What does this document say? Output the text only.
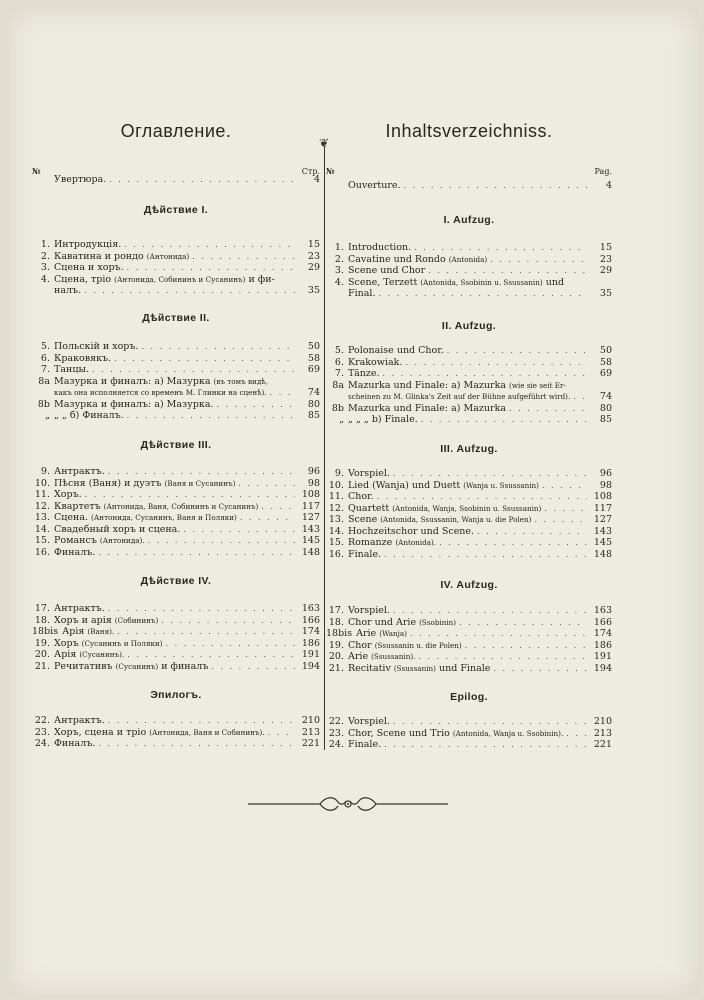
Оглавление.
№	Стр.
Увертюра. . . .	4
Дѣйствие I.
1. Интродукція. . . .	15
2. Каватина и рондо (Антонида) . . .	23
3. Сцена и хоръ. . . .	29
4. Сцена, тріо (Антонида, Собининъ и Сусанинъ) и фи-
налъ. . . .	35
Дѣйствие II.
5. Польскій и хоръ. . . .	50
6. Краковякъ. . . .	58
7. Танцы. . . .	69
8a Мазурка и финалъ: а) Мазурка (въ томъ видѣ,
какъ она исполняется со временъ М. Глинки на сценѣ). . . .	74
8b Мазурка и финалъ: а) Мазурка. . . .	80
„ „ „ б) Финалъ. . . .	85
Дѣйствие III.
9. Антрактъ. . . .	96
10. Пѣсня (Ваня) и дуэтъ (Ваня и Сусанинъ) . . .	98
11. Хоръ. . . .	108
12. Квартетъ (Антонида, Ваня, Собининъ и Сусанинъ) . . .	117
13. Сцена. (Антонида, Сусанинъ, Ваня и Поляки) . . .	127
14. Свадебный хоръ и сцена. . . .	143
15. Романсъ (Антонида). . . .	145
16. Финалъ. . . .	148
Дѣйствие IV.
17. Антрактъ. . . .	163
18. Хоръ и арія (Собининъ) . . .	166
18bis Арія (Ваня). . . .	174
19. Хоръ (Сусанинъ и Поляки) . . .	186
20. Арія (Сусанинъ). . . .	191
21. Речитативъ (Сусанинъ) и финалъ . . .	194
Эпилогъ.
22. Антрактъ. . . .	210
23. Хоръ, сцена и тріо (Антонида, Ваня и Собининъ). . . .	213
24. Финалъ. . . .	221
❦
Inhaltsverzeichniss.
№	Pag.
Ouverture. . . .	4
I. Aufzug.
1. Introduction. . . .	15
2. Cavatine und Rondo (Antonida) . . .	23
3. Scene und Chor . . .	29
4. Scene, Terzett (Antonida, Ssobinin u. Ssussanin) und
Final. . . .	35
II. Aufzug.
5. Polonaise und Chor. . . .	50
6. Krakowiak. . . .	58
7. Tänze. . . .	69
8a Mazurka und Finale: a) Mazurka (wie sie seit Er-
scheinen zu M. Glinka's Zeit auf der Bühne aufgeführt wird). . . .	74
8b Mazurka und Finale: a) Mazurka . . .	80
„ „ „ „ b) Finale. . . .	85
III. Aufzug.
9. Vorspiel. . . .	96
10. Lied (Wanja) und Duett (Wanja u. Ssussanin) . . .	98
11. Chor. . . .	108
12. Quartett (Antonida, Wanja, Ssobinin u. Ssussanin) . . .	117
13. Scene (Antonida, Ssussanin, Wanja u. die Polen) . . .	127
14. Hochzeitschor und Scene. . . .	143
15. Romanze (Antonida). . . .	145
16. Finale. . . .	148
IV. Aufzug.
17. Vorspiel. . . .	163
18. Chor und Arie (Ssobinin) . . .	166
18bis Arie (Wanja) . . .	174
19. Chor (Ssussanin u. die Polen) . . .	186
20. Arie (Ssussanin). . . .	191
21. Recitativ (Ssussanin) und Finale . . .	194
Epilog.
22. Vorspiel. . . .	210
23. Chor, Scene und Trio (Antonida, Wanja u. Ssobinin). . . .	213
24. Finale. . . .	221
